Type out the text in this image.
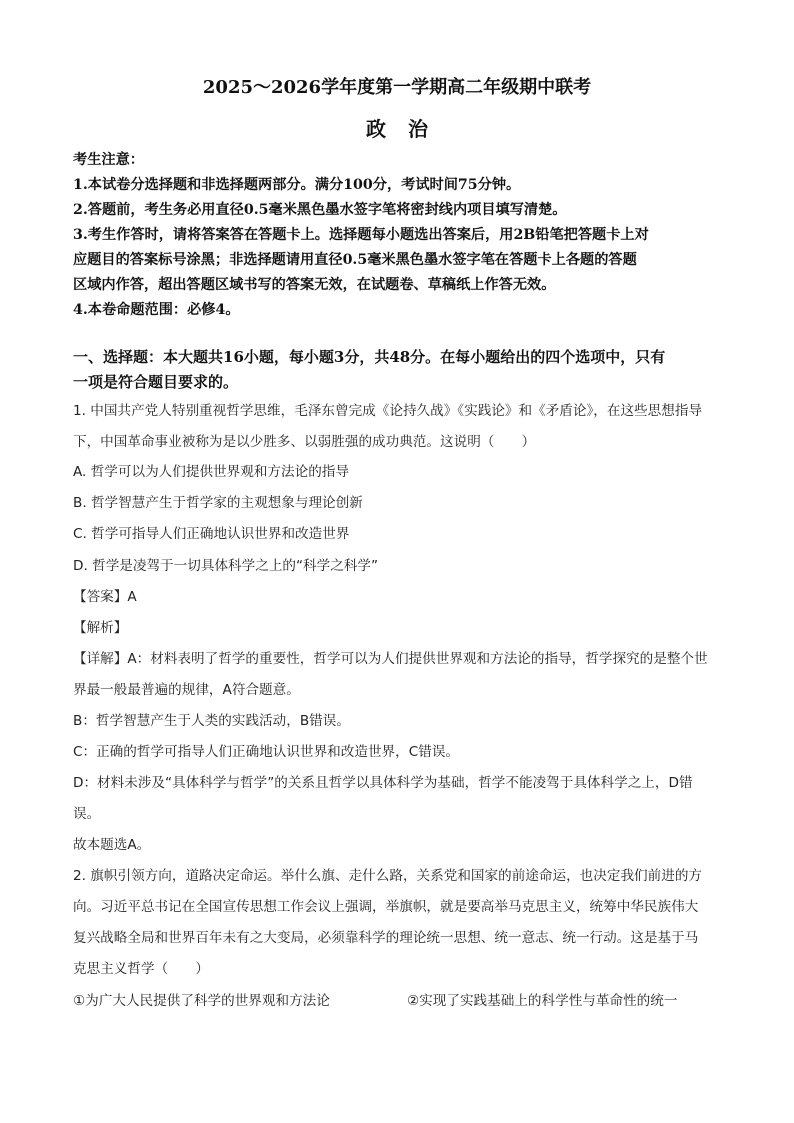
2025～2026学年度第一学期高二年级期中联考
政治
考生注意：
1.本试卷分选择题和非选择题两部分。满分100分，考试时间75分钟。
2.答题前，考生务必用直径0.5毫米黑色墨水签字笔将密封线内项目填写清楚。
3.考生作答时，请将答案答在答题卡上。选择题每小题选出答案后，用2B铅笔把答题卡上对
应题目的答案标号涂黑；非选择题请用直径0.5毫米黑色墨水签字笔在答题卡上各题的答题
区域内作答，超出答题区域书写的答案无效，在试题卷、草稿纸上作答无效。
4.本卷命题范围：必修4。
一、选择题：本大题共16小题，每小题3分，共48分。在每小题给出的四个选项中，只有
一项是符合题目要求的。
1. 中国共产党人特别重视哲学思维，毛泽东曾完成《论持久战》《实践论》和《矛盾论》，在这些思想指导
下，中国革命事业被称为是以少胜多、以弱胜强的成功典范。这说明（　　）
A. 哲学可以为人们提供世界观和方法论的指导
B. 哲学智慧产生于哲学家的主观想象与理论创新
C. 哲学可指导人们正确地认识世界和改造世界
D. 哲学是凌驾于一切具体科学之上的“科学之科学”
【答案】A
【解析】
【详解】A：材料表明了哲学的重要性，哲学可以为人们提供世界观和方法论的指导，哲学探究的是整个世
界最一般最普遍的规律，A符合题意。
B：哲学智慧产生于人类的实践活动，B错误。
C：正确的哲学可指导人们正确地认识世界和改造世界，C错误。
D：材料未涉及“具体科学与哲学”的关系且哲学以具体科学为基础，哲学不能凌驾于具体科学之上，D错
误。
故本题选A。
2. 旗帜引领方向，道路决定命运。举什么旗、走什么路，关系党和国家的前途命运，也决定我们前进的方
向。习近平总书记在全国宣传思想工作会议上强调，举旗帜，就是要高举马克思主义，统筹中华民族伟大
复兴战略全局和世界百年未有之大变局，必须靠科学的理论统一思想、统一意志、统一行动。这是基于马
克思主义哲学（　　）
①为广大人民提供了科学的世界观和方法论	②实现了实践基础上的科学性与革命性的统一
